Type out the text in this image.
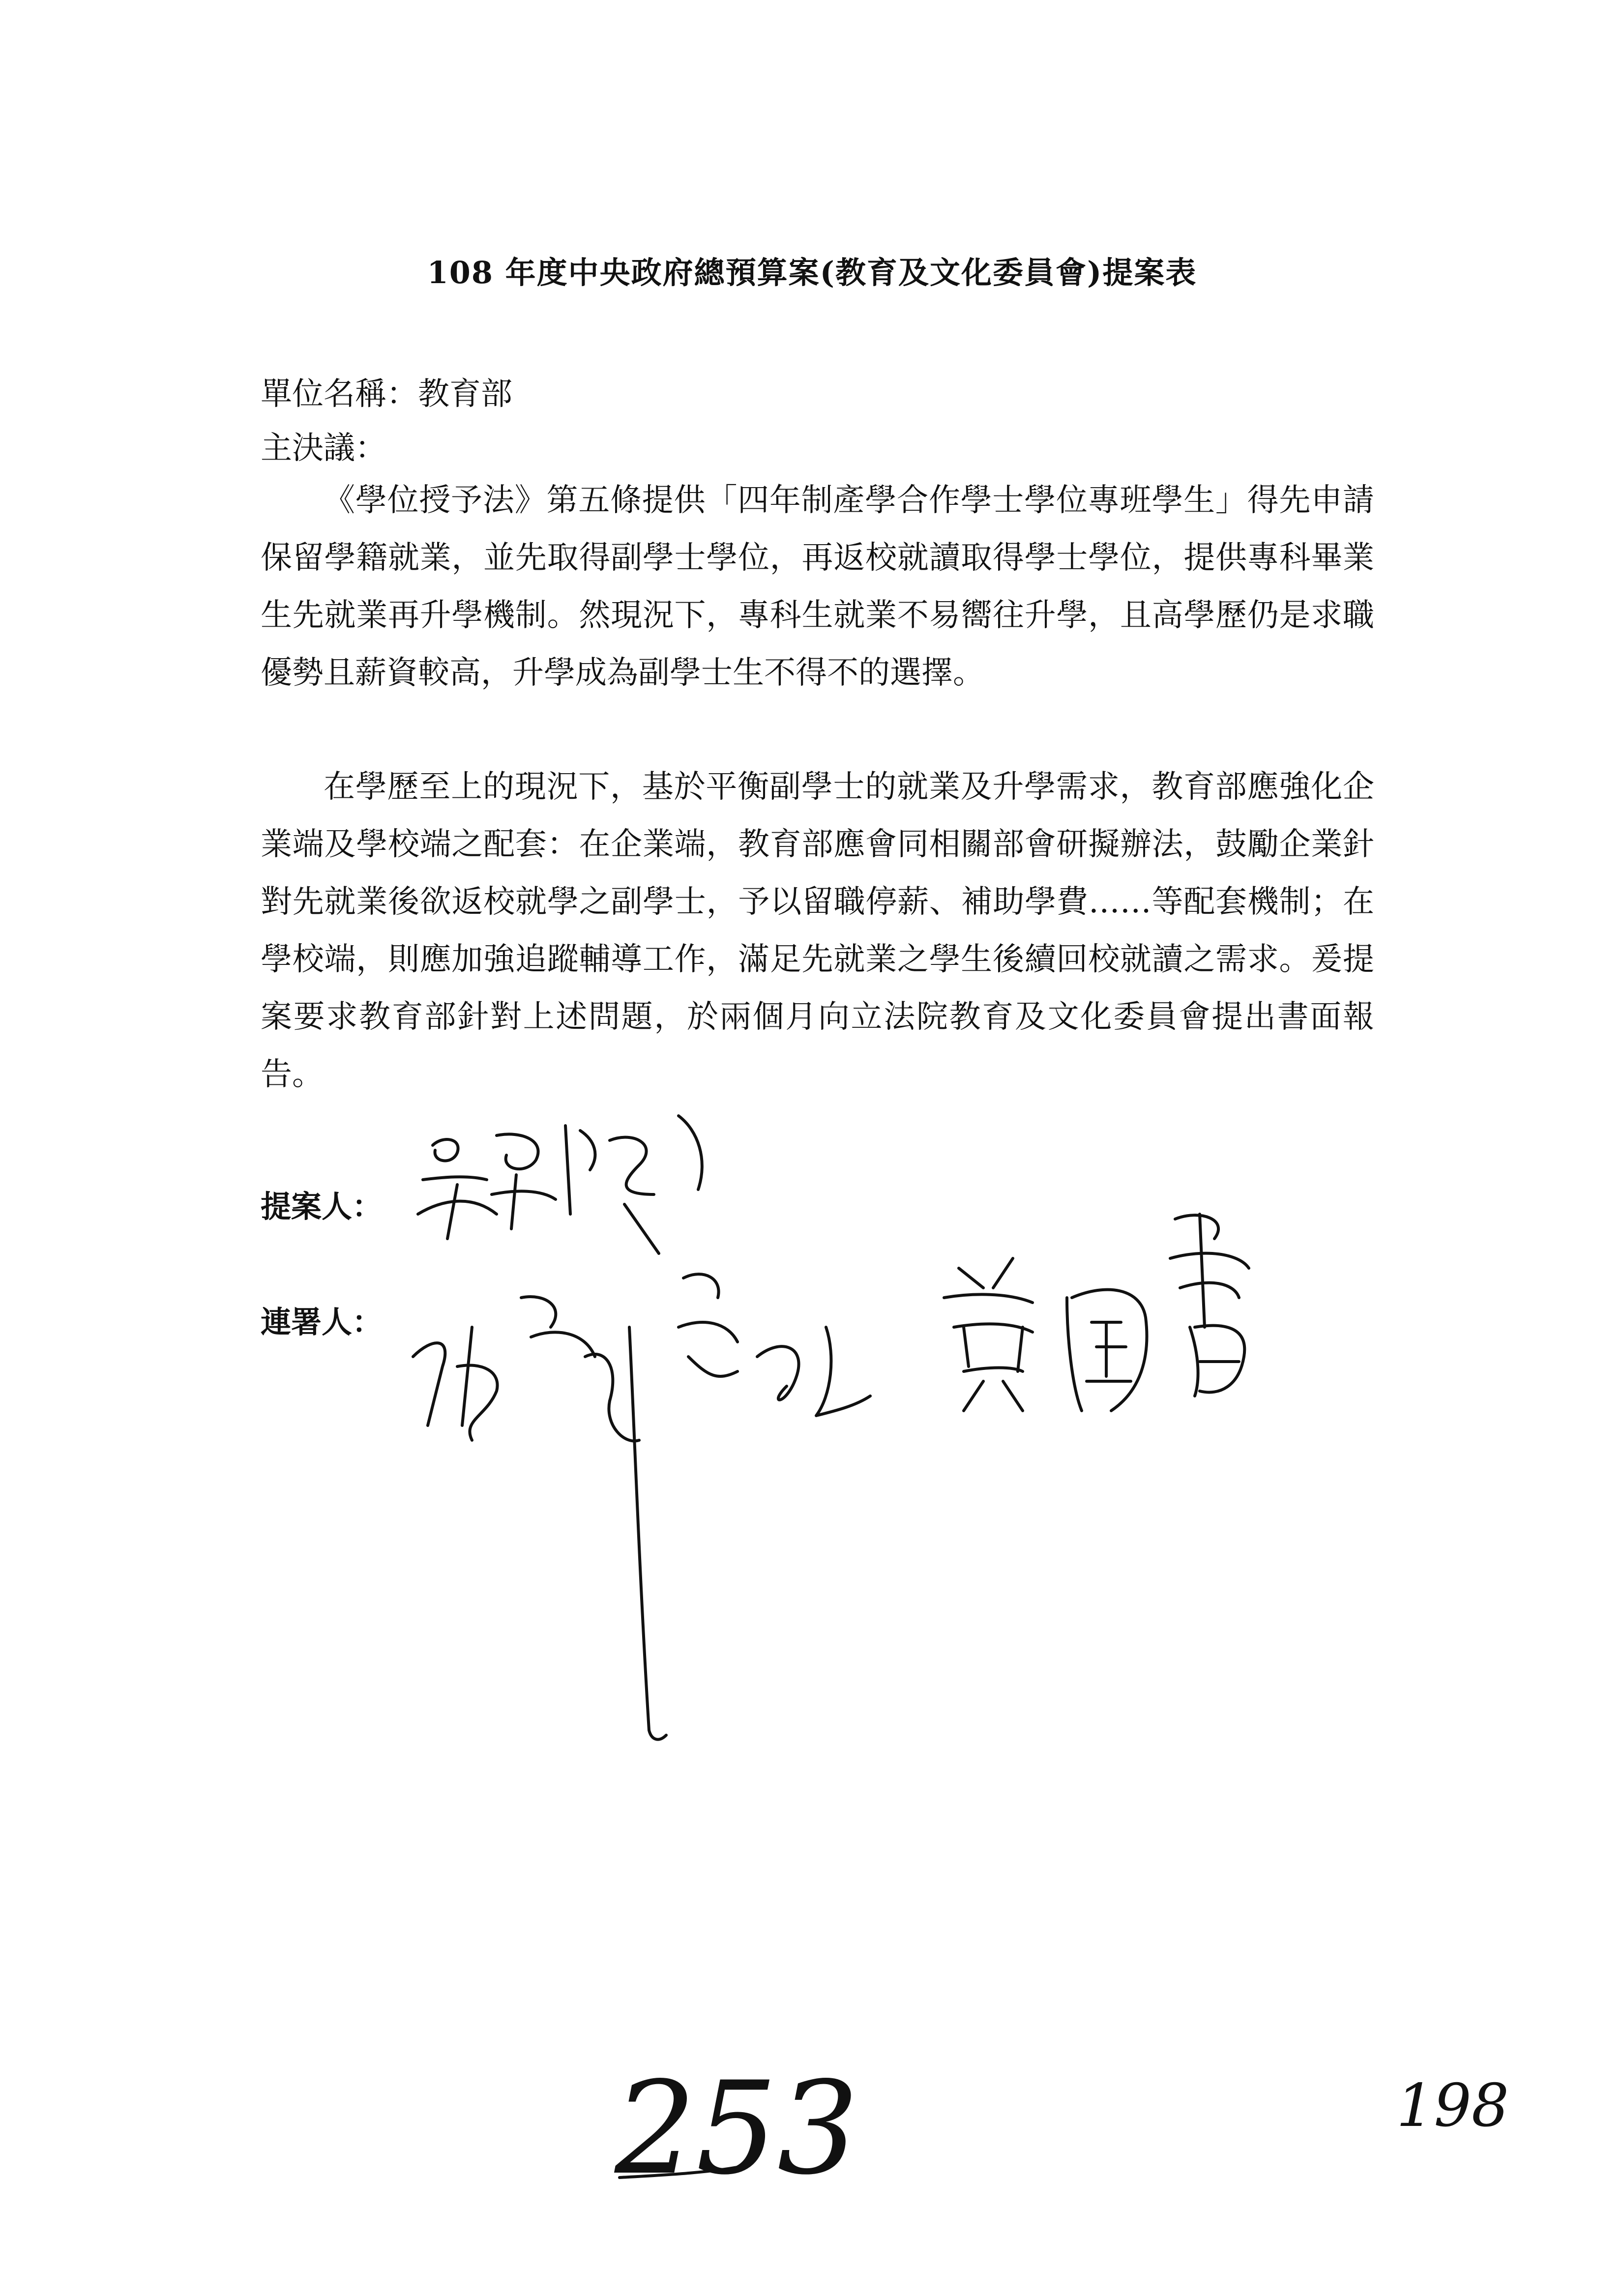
108 年度中央政府總預算案(教育及文化委員會)提案表
單位名稱：教育部
主決議：

《學位授予法》第五條提供「四年制產學合作學士學位專班學生」得先申請保留學籍就業，並先取得副學士學位，再返校就讀取得學士學位，提供專科畢業生先就業再升學機制。然現況下，專科生就業不易嚮往升學，且高學歷仍是求職優勢且薪資較高，升學成為副學士生不得不的選擇。

在學歷至上的現況下，基於平衡副學士的就業及升學需求，教育部應強化企業端及學校端之配套：在企業端，教育部應會同相關部會研擬辦法，鼓勵企業針對先就業後欲返校就學之副學士，予以留職停薪、補助學費……等配套機制；在學校端，則應加強追蹤輔導工作，滿足先就業之學生後續回校就讀之需求。爰提案要求教育部針對上述問題，於兩個月向立法院教育及文化委員會提出書面報告。

提案人：
連署人：
253	198
